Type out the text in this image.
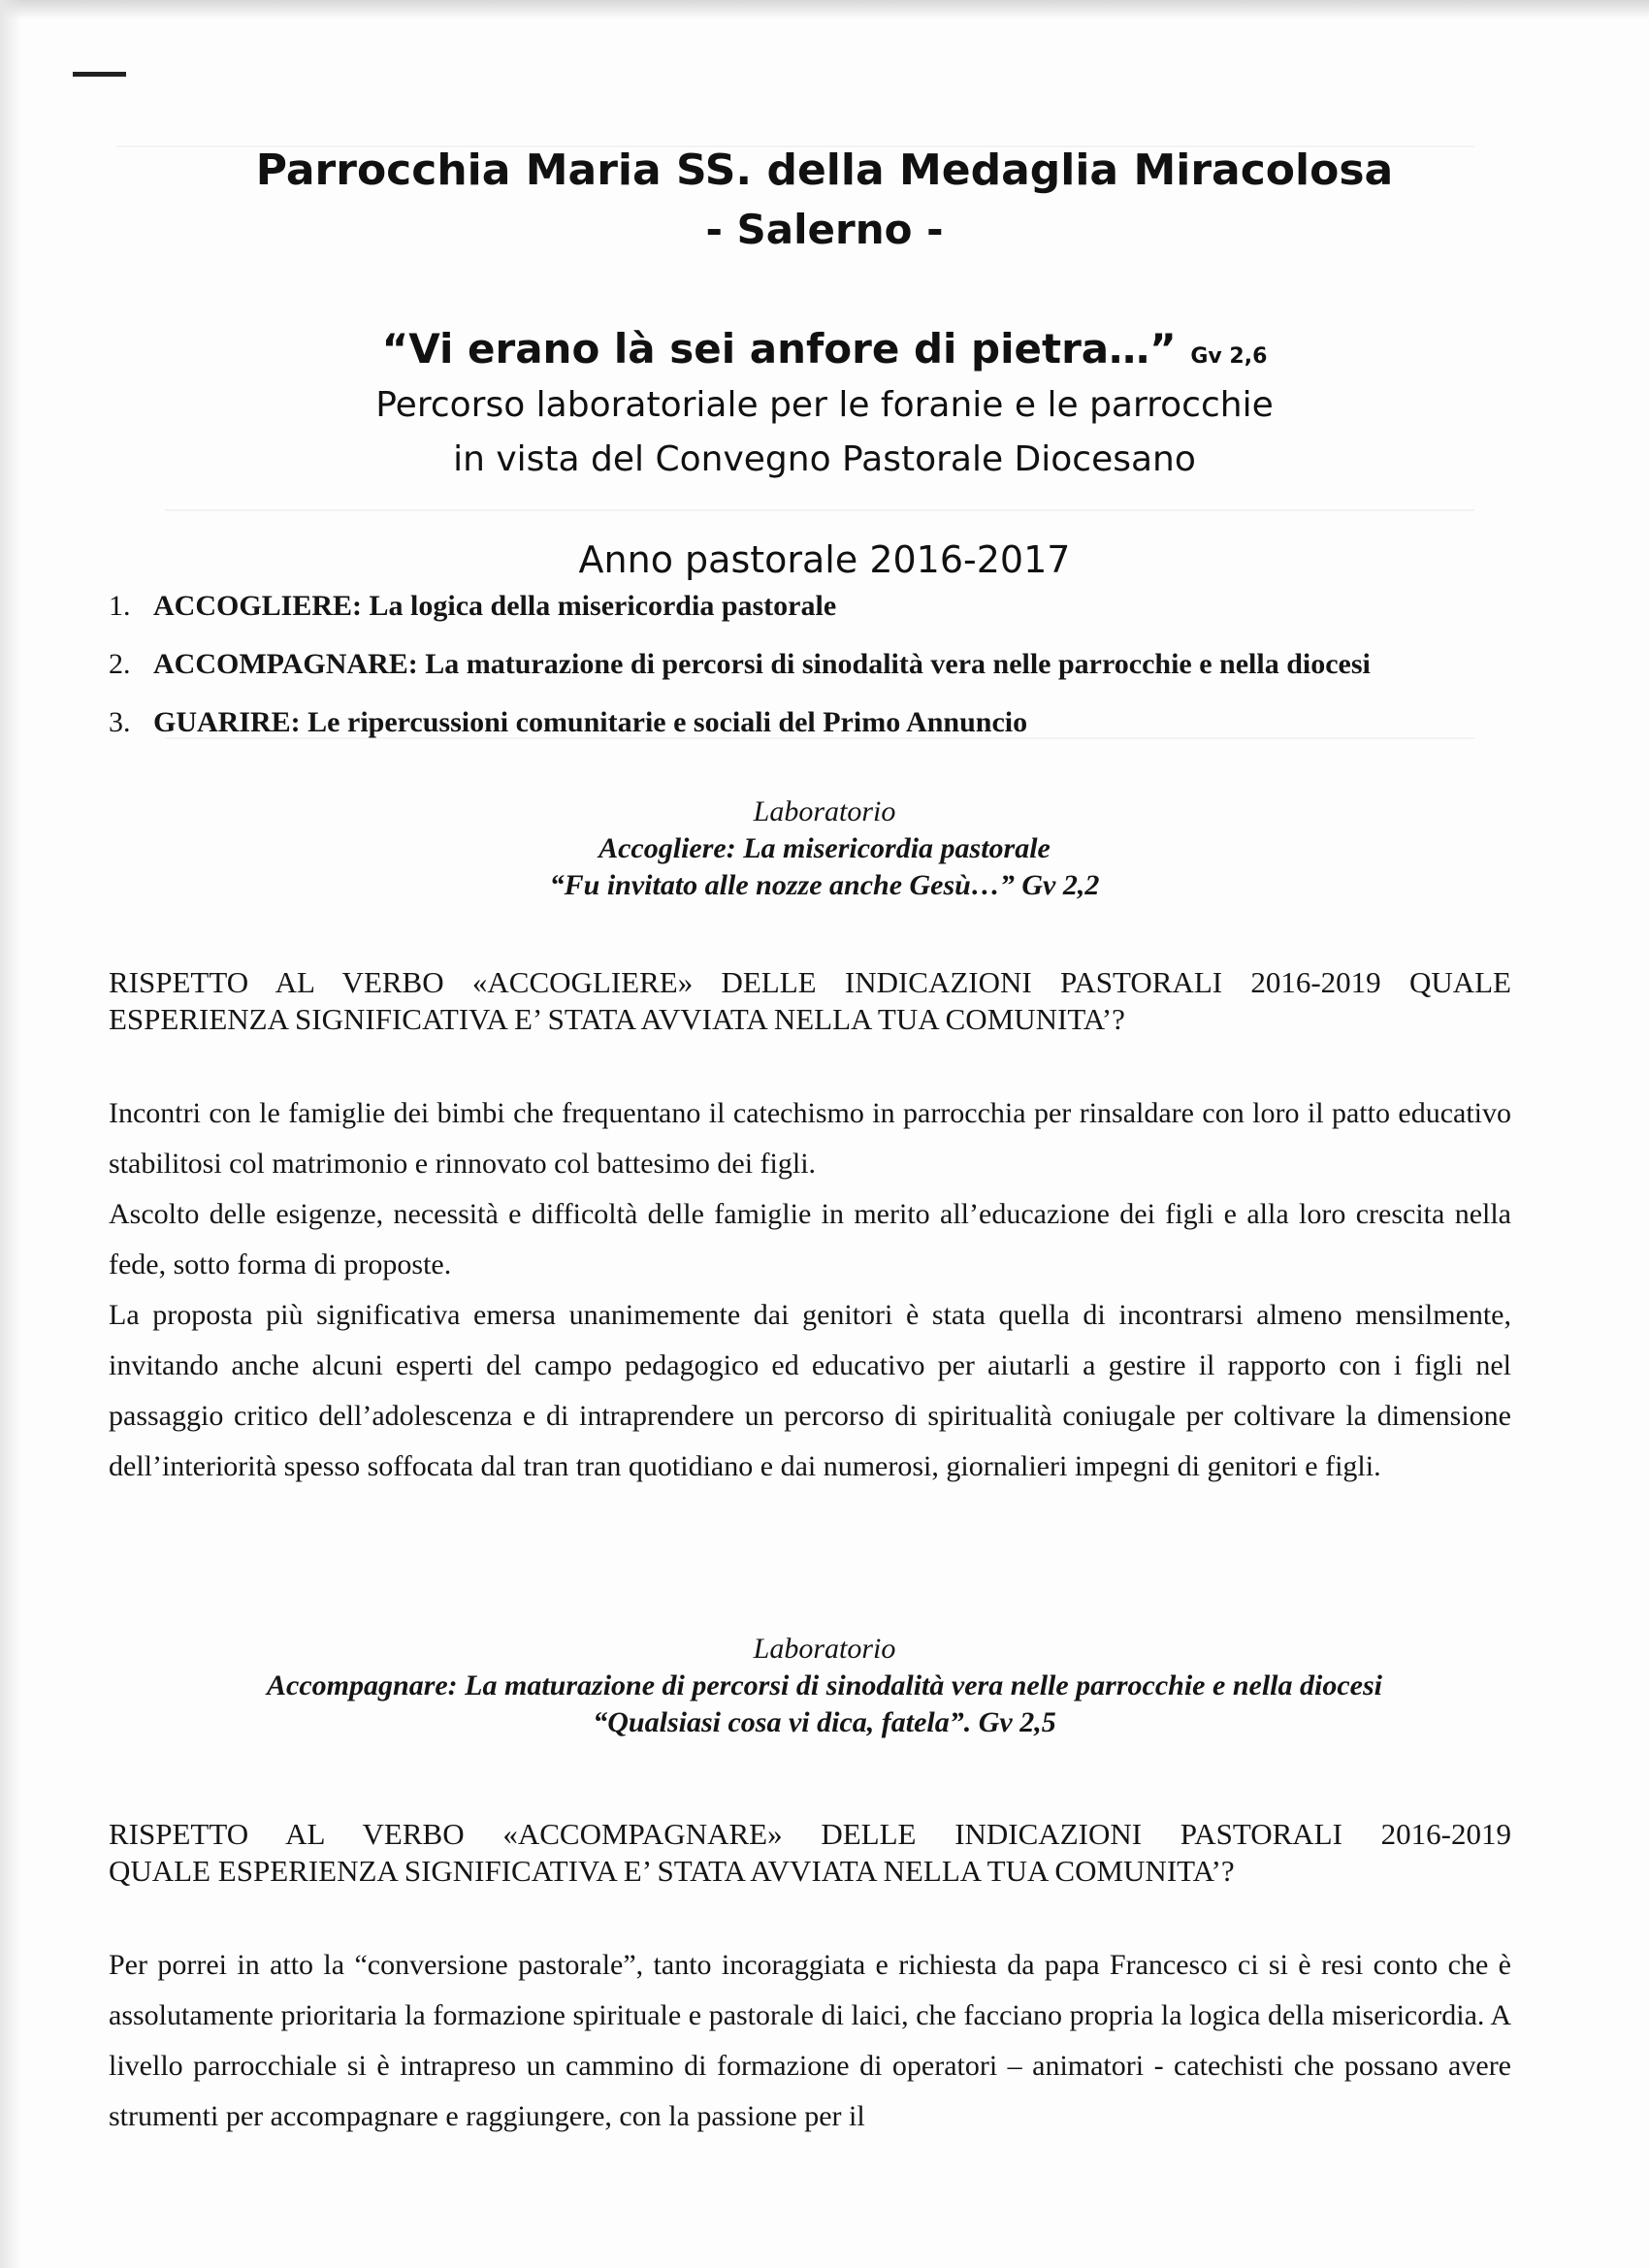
Parrocchia Maria SS. della Medaglia Miracolosa
- Salerno -
“Vi erano là sei anfore di pietra…” Gv 2,6
Percorso laboratoriale per le foranie e le parrocchie
in vista del Convegno Pastorale Diocesano
Anno pastorale 2016-2017
1. ACCOGLIERE: La logica della misericordia pastorale
2. ACCOMPAGNARE: La maturazione di percorsi di sinodalità vera nelle parrocchie e nella diocesi
3. GUARIRE: Le ripercussioni comunitarie e sociali del Primo Annuncio
Laboratorio
Accogliere: La misericordia pastorale
“Fu invitato alle nozze anche Gesù…” Gv 2,2
RISPETTO AL VERBO «ACCOGLIERE» DELLE INDICAZIONI PASTORALI 2016-2019 QUALE
ESPERIENZA SIGNIFICATIVA E’ STATA AVVIATA NELLA TUA COMUNITA’?
Incontri con le famiglie dei bimbi che frequentano il catechismo in parrocchia per rinsaldare con loro il patto educativo stabilitosi col matrimonio e rinnovato col battesimo dei figli.
Ascolto delle esigenze, necessità e difficoltà delle famiglie in merito all’educazione dei figli e alla loro crescita nella fede, sotto forma di proposte.
La proposta più significativa emersa unanimemente dai genitori è stata quella di incontrarsi almeno mensilmente, invitando anche alcuni esperti del campo pedagogico ed educativo per aiutarli a gestire il rapporto con i figli nel passaggio critico dell’adolescenza e di intraprendere un percorso di spiritualità coniugale per coltivare la dimensione dell’interiorità spesso soffocata dal tran tran quotidiano e dai numerosi, giornalieri impegni di genitori e figli.
Laboratorio
Accompagnare: La maturazione di percorsi di sinodalità vera nelle parrocchie e nella diocesi
“Qualsiasi cosa vi dica, fatela”. Gv 2,5
RISPETTO AL VERBO «ACCOMPAGNARE» DELLE INDICAZIONI PASTORALI 2016-2019
QUALE ESPERIENZA SIGNIFICATIVA E’ STATA AVVIATA NELLA TUA COMUNITA’?
Per porrei in atto la “conversione pastorale”, tanto incoraggiata e richiesta da papa Francesco ci si è resi conto che è assolutamente prioritaria la formazione spirituale e pastorale di laici, che facciano propria la logica della misericordia. A livello parrocchiale si è intrapreso un cammino di formazione di operatori – animatori - catechisti che possano avere strumenti per accompagnare e raggiungere, con la passione per il
